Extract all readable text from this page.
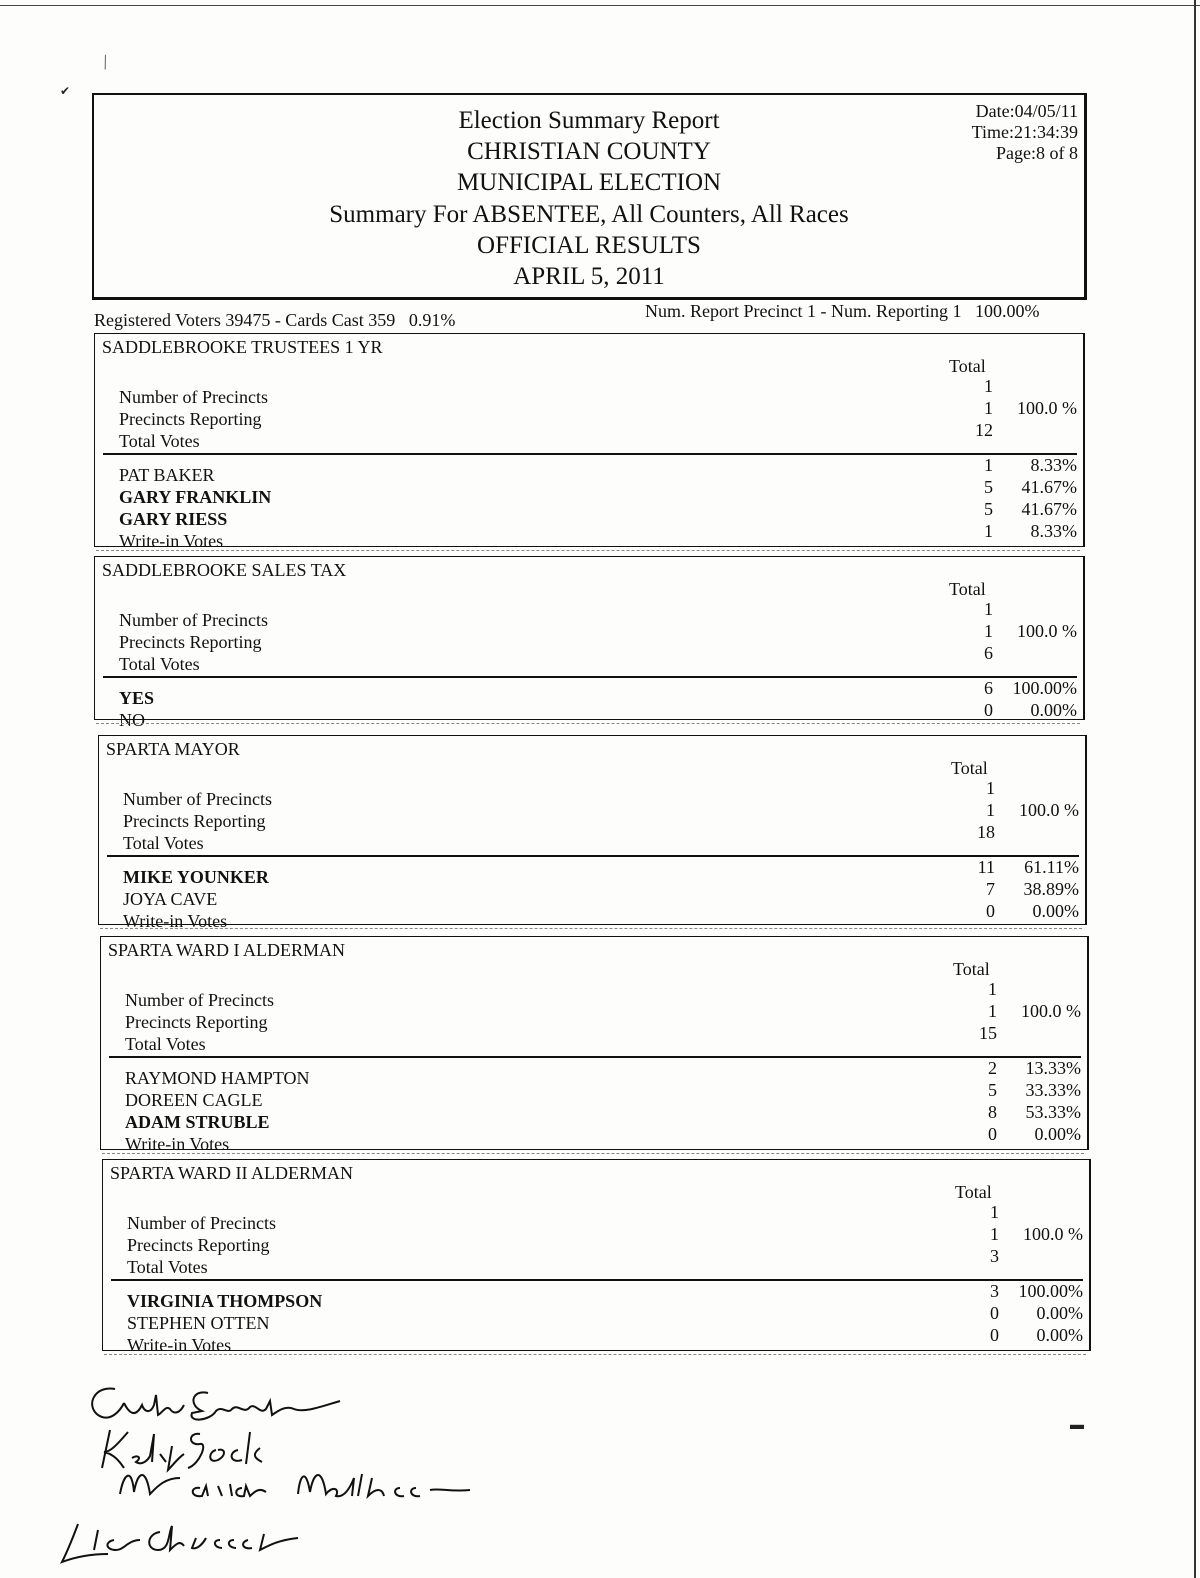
⁄
✔
Election Summary Report
CHRISTIAN COUNTY
MUNICIPAL ELECTION
Summary For ABSENTEE, All Counters, All Races
OFFICIAL RESULTS
APRIL 5, 2011
Date:04/05/11
Time:21:34:39
Page:8 of 8
Registered Voters 39475 - Cards Cast 359 0.91%	Num. Report Precinct 1 - Num. Reporting 1 100.00%
SADDLEBROOKE TRUSTEES 1 YR
Total
Number of Precincts
1
Precincts Reporting
1	100.0 %
Total Votes
12
PAT BAKER	1	8.33%
GARY FRANKLIN	5	41.67%
GARY RIESS	5	41.67%
Write-in Votes	1	8.33%
SADDLEBROOKE SALES TAX
Total
Number of Precincts
1
Precincts Reporting
1	100.0 %
Total Votes
6
YES	6	100.00%
NO	0	0.00%
SPARTA MAYOR
Total
Number of Precincts
1
Precincts Reporting
1	100.0 %
Total Votes
18
MIKE YOUNKER	11	61.11%
JOYA CAVE	7	38.89%
Write-in Votes	0	0.00%
SPARTA WARD I ALDERMAN
Total
Number of Precincts
1
Precincts Reporting
1	100.0 %
Total Votes
15
RAYMOND HAMPTON	2	13.33%
DOREEN CAGLE	5	33.33%
ADAM STRUBLE	8	53.33%
Write-in Votes	0	0.00%
SPARTA WARD II ALDERMAN
Total
Number of Precincts
1
Precincts Reporting
1	100.0 %
Total Votes
3
VIRGINIA THOMPSON	3	100.00%
STEPHEN OTTEN	0	0.00%
Write-in Votes	0	0.00%
▬
